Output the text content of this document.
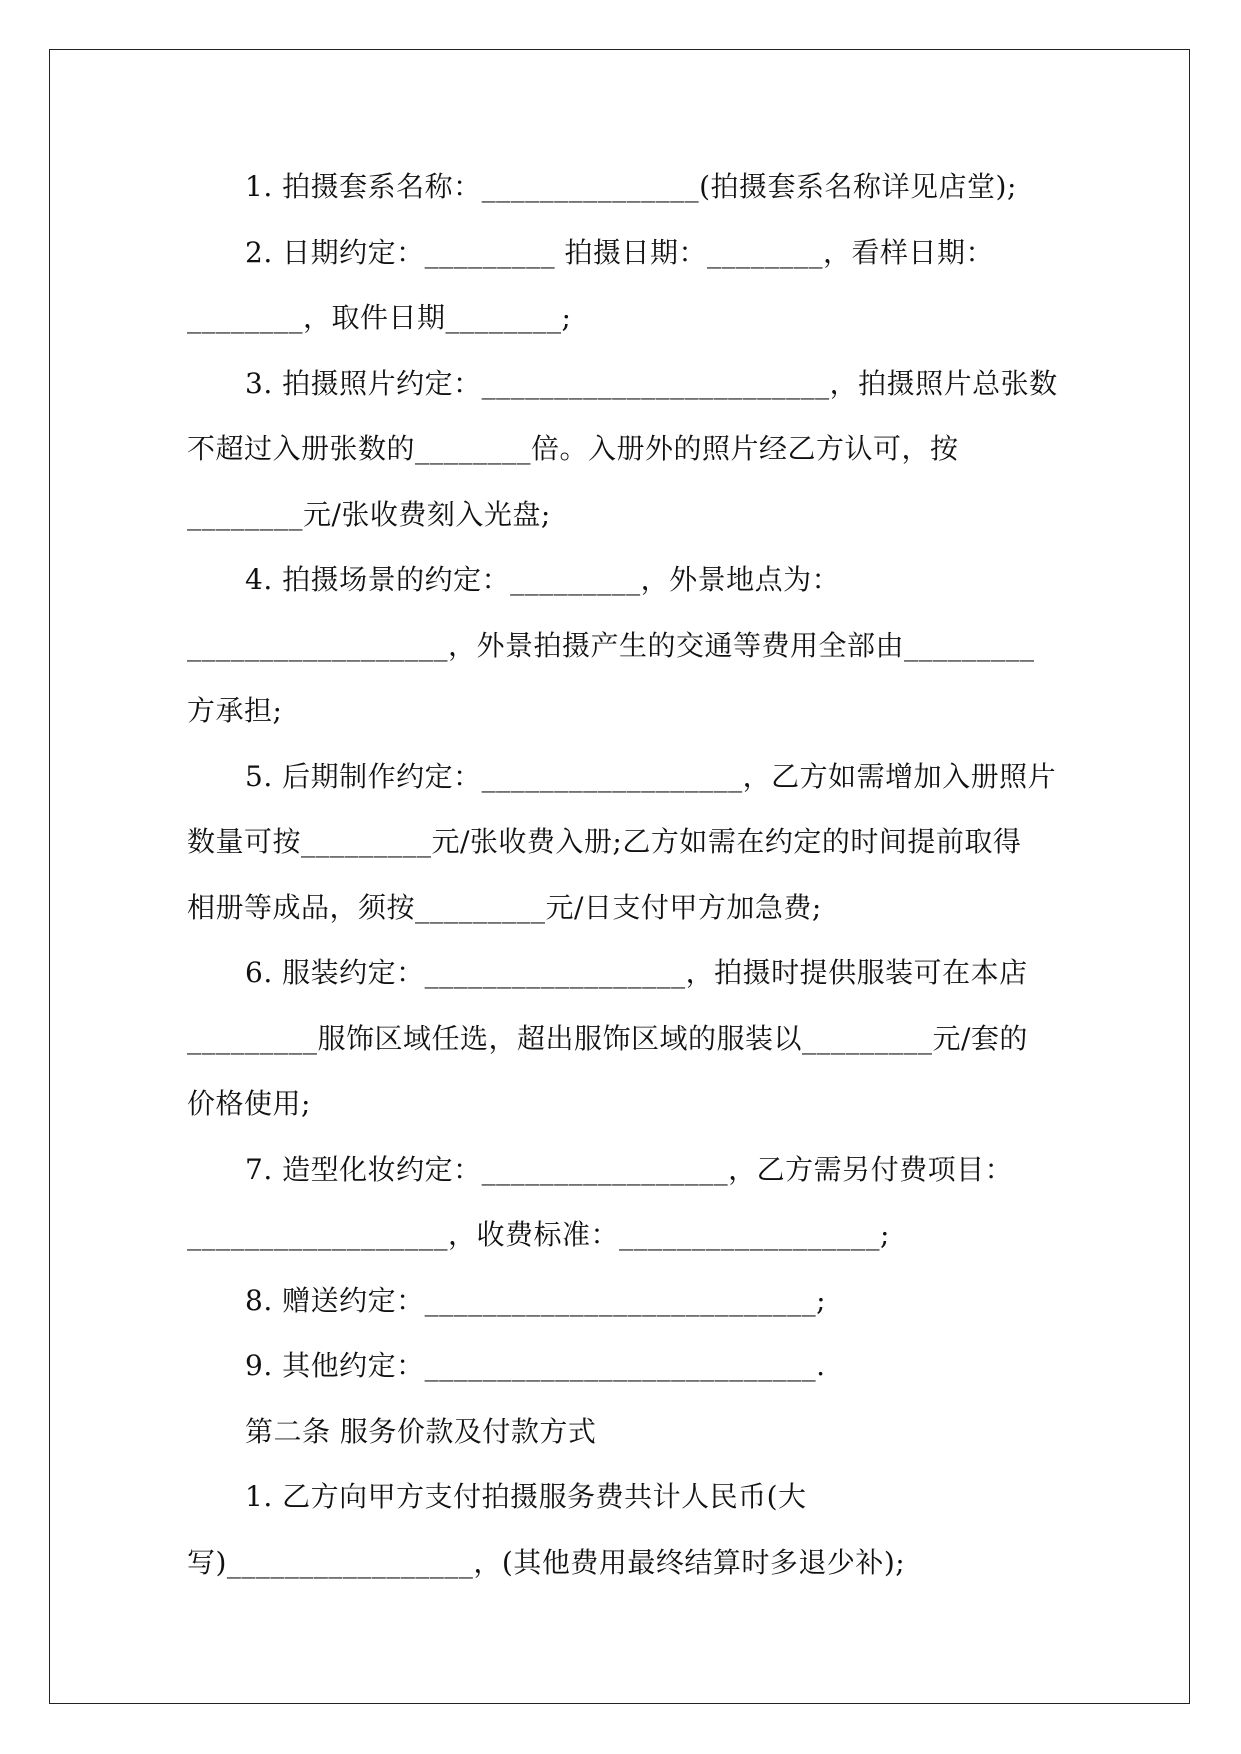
1. 拍摄套系名称：_______________(拍摄套系名称详见店堂);
2. 日期约定：_________ 拍摄日期：________，看样日期：
________，取件日期________;
3. 拍摄照片约定：________________________，拍摄照片总张数
不超过入册张数的________倍。入册外的照片经乙方认可，按
________元/张收费刻入光盘;
4. 拍摄场景的约定：_________，外景地点为：
__________________，外景拍摄产生的交通等费用全部由_________
方承担;
5. 后期制作约定：__________________，乙方如需增加入册照片
数量可按_________元/张收费入册;乙方如需在约定的时间提前取得
相册等成品，须按_________元/日支付甲方加急费;
6. 服装约定：__________________，拍摄时提供服装可在本店
_________服饰区域任选，超出服饰区域的服装以_________元/套的
价格使用;
7. 造型化妆约定：_________________，乙方需另付费项目：
__________________，收费标准：__________________;
8. 赠送约定：___________________________;
9. 其他约定：___________________________.
第二条 服务价款及付款方式
1. 乙方向甲方支付拍摄服务费共计人民币(大
写)_________________，(其他费用最终结算时多退少补);
